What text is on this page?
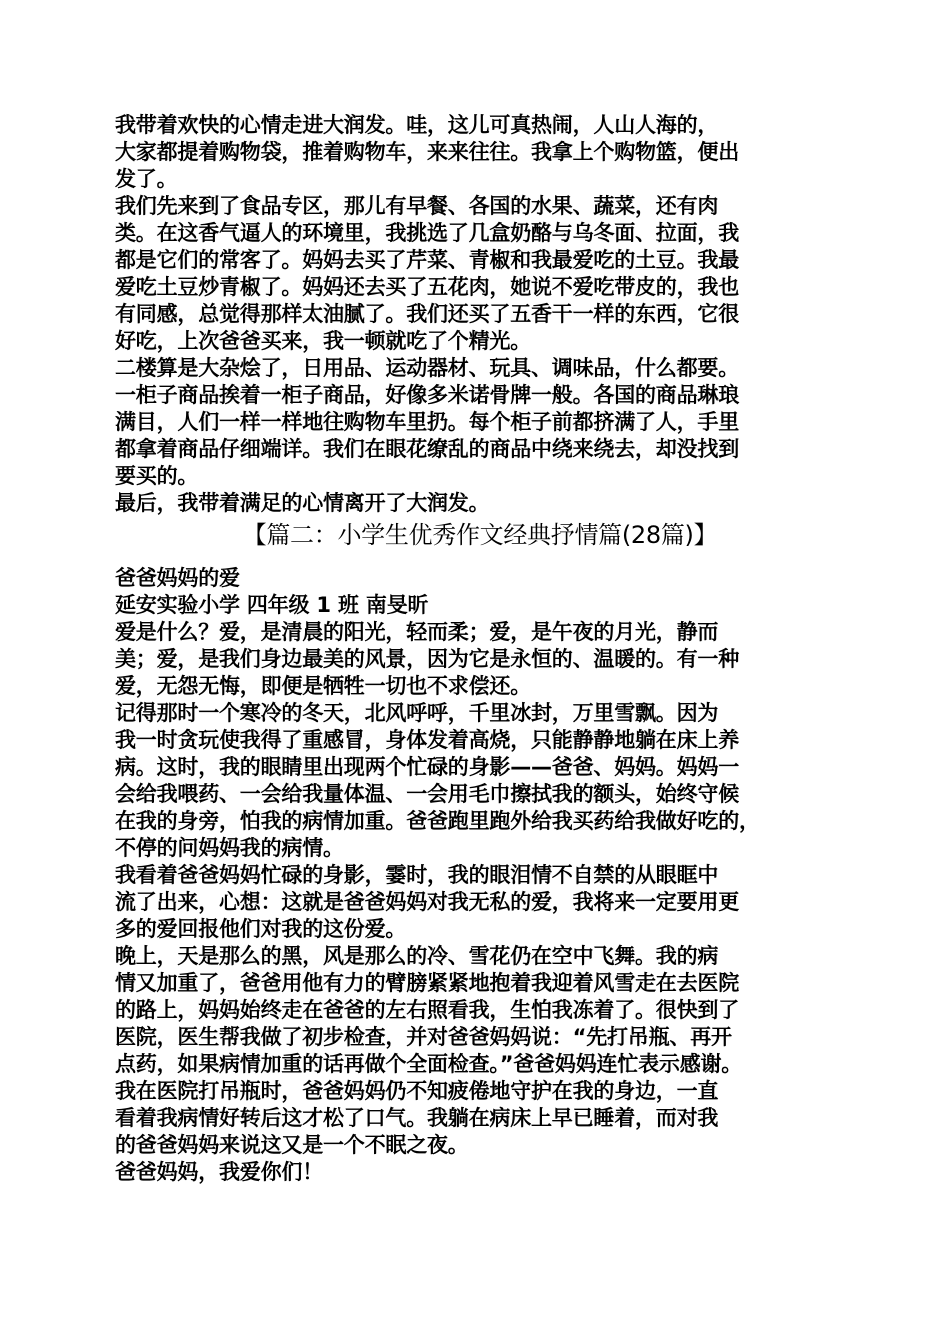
我带着欢快的心情走进大润发。哇，这儿可真热闹，人山人海的，
大家都提着购物袋，推着购物车，来来往往。我拿上个购物篮，便出
发了。
我们先来到了食品专区，那儿有早餐、各国的水果、蔬菜，还有肉
类。在这香气逼人的环境里，我挑选了几盒奶酪与乌冬面、拉面，我
都是它们的常客了。妈妈去买了芹菜、青椒和我最爱吃的土豆。我最
爱吃土豆炒青椒了。妈妈还去买了五花肉，她说不爱吃带皮的，我也
有同感，总觉得那样太油腻了。我们还买了五香干一样的东西，它很
好吃，上次爸爸买来，我一顿就吃了个精光。
二楼算是大杂烩了，日用品、运动器材、玩具、调味品，什么都要。
一柜子商品挨着一柜子商品，好像多米诺骨牌一般。各国的商品琳琅
满目，人们一样一样地往购物车里扔。每个柜子前都挤满了人，手里
都拿着商品仔细端详。我们在眼花缭乱的商品中绕来绕去，却没找到
要买的。
最后，我带着满足的心情离开了大润发。
【篇二：小学生优秀作文经典抒情篇(28篇)】
爸爸妈妈的爱
延安实验小学 四年级 1 班 南旻昕
爱是什么？爱，是清晨的阳光，轻而柔；爱，是午夜的月光，静而
美；爱，是我们身边最美的风景，因为它是永恒的、温暖的。有一种
爱，无怨无悔，即便是牺牲一切也不求偿还。
记得那时一个寒冷的冬天，北风呼呼，千里冰封，万里雪飘。因为
我一时贪玩使我得了重感冒，身体发着高烧，只能静静地躺在床上养
病。这时，我的眼睛里出现两个忙碌的身影——爸爸、妈妈。妈妈一
会给我喂药、一会给我量体温、一会用毛巾擦拭我的额头，始终守候
在我的身旁，怕我的病情加重。爸爸跑里跑外给我买药给我做好吃的，
不停的问妈妈我的病情。
我看着爸爸妈妈忙碌的身影，霎时，我的眼泪情不自禁的从眼眶中
流了出来，心想：这就是爸爸妈妈对我无私的爱，我将来一定要用更
多的爱回报他们对我的这份爱。
晚上，天是那么的黑，风是那么的冷、雪花仍在空中飞舞。我的病
情又加重了，爸爸用他有力的臂膀紧紧地抱着我迎着风雪走在去医院
的路上，妈妈始终走在爸爸的左右照看我，生怕我冻着了。很快到了
医院，医生帮我做了初步检查，并对爸爸妈妈说：“先打吊瓶、再开
点药，如果病情加重的话再做个全面检查。”爸爸妈妈连忙表示感谢。
我在医院打吊瓶时，爸爸妈妈仍不知疲倦地守护在我的身边，一直
看着我病情好转后这才松了口气。我躺在病床上早已睡着，而对我
的爸爸妈妈来说这又是一个不眠之夜。
爸爸妈妈，我爱你们！
